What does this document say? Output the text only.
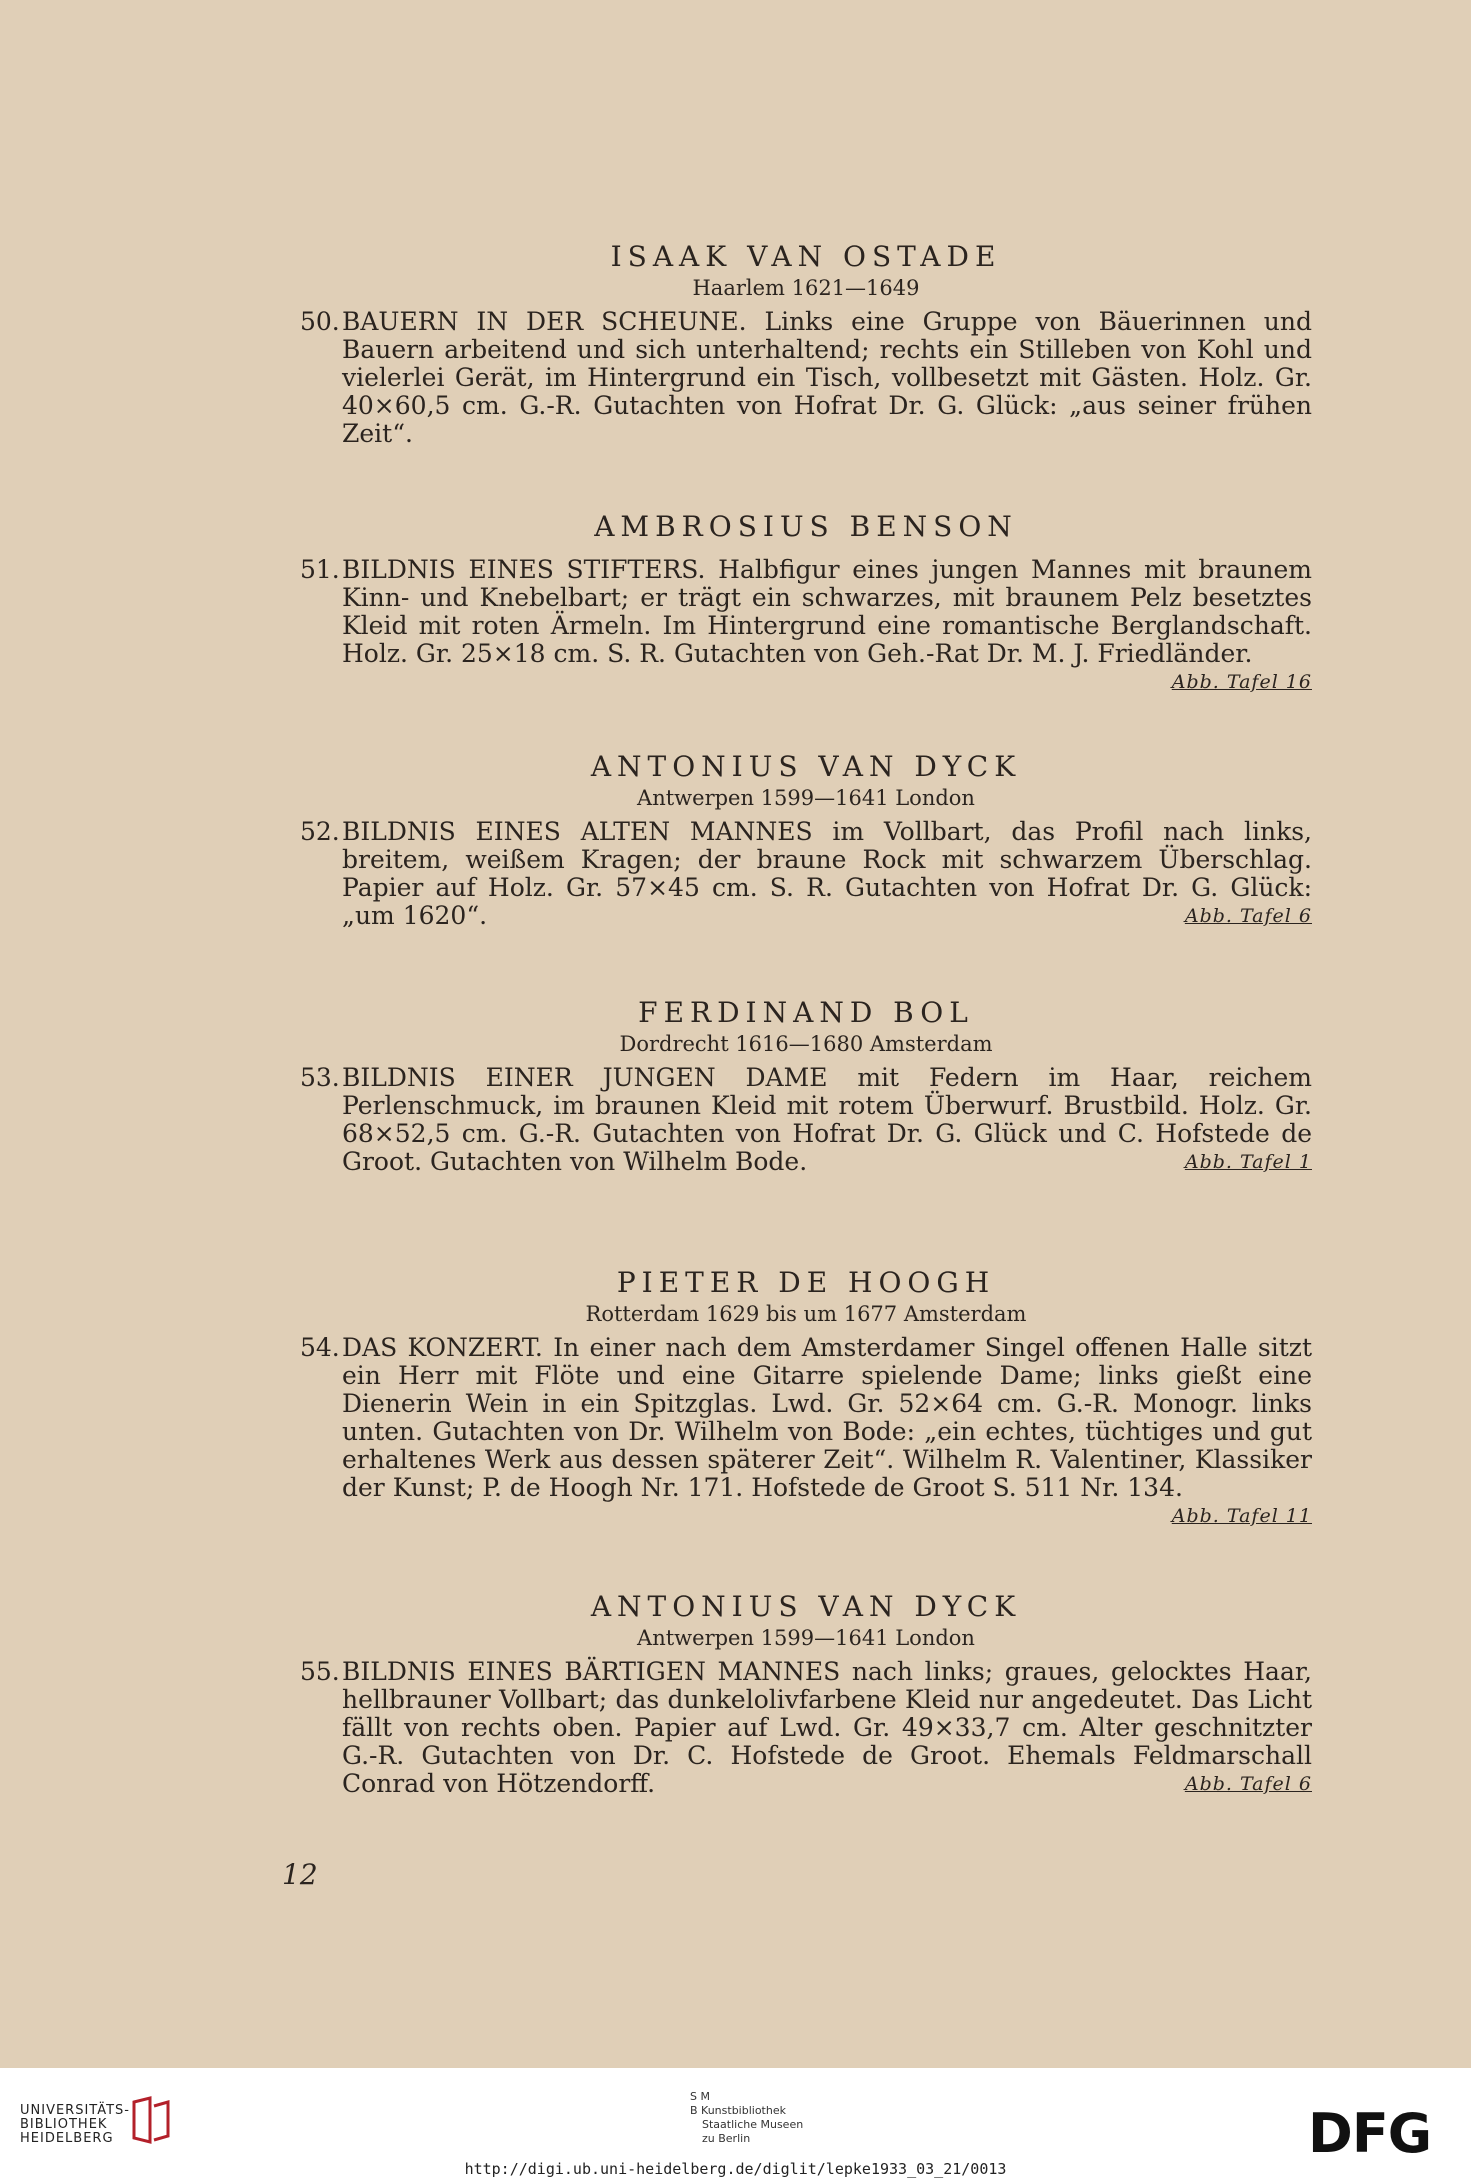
ISAAK VAN OSTADE

Haarlem 1621—1649

50. BAUERN IN DER SCHEUNE. Links eine Gruppe von Bäuerinnen und Bauern arbeitend und sich unterhaltend; rechts ein Stilleben von Kohl und vielerlei Gerät, im Hintergrund ein Tisch, vollbesetzt mit Gästen. Holz. Gr. 40×60,5 cm. G.-R. Gutachten von Hofrat Dr. G. Glück: „aus seiner frühen Zeit“.

AMBROSIUS BENSON

51. BILDNIS EINES STIFTERS. Halbfigur eines jungen Mannes mit braunem Kinn- und Knebelbart; er trägt ein schwarzes, mit braunem Pelz besetztes Kleid mit roten Ärmeln. Im Hintergrund eine romantische Berglandschaft. Holz. Gr. 25×18 cm. S. R. Gutachten von Geh.-Rat Dr. M. J. Friedländer.
Abb. Tafel 16

ANTONIUS VAN DYCK

Antwerpen 1599—1641 London

52. BILDNIS EINES ALTEN MANNES im Vollbart, das Profil nach links, breitem, weißem Kragen; der braune Rock mit schwarzem Überschlag. Papier auf Holz. Gr. 57×45 cm. S. R. Gutachten von Hofrat Dr. G. Glück: „um 1620“.	Abb. Tafel 6

FERDINAND BOL

Dordrecht 1616—1680 Amsterdam

53. BILDNIS EINER JUNGEN DAME mit Federn im Haar, reichem Perlenschmuck, im braunen Kleid mit rotem Überwurf. Brustbild. Holz. Gr. 68×52,5 cm. G.-R. Gutachten von Hofrat Dr. G. Glück und C. Hofstede de Groot. Gutachten von Wilhelm Bode.	Abb. Tafel 1

PIETER DE HOOGH

Rotterdam 1629 bis um 1677 Amsterdam

54. DAS KONZERT. In einer nach dem Amsterdamer Singel offenen Halle sitzt ein Herr mit Flöte und eine Gitarre spielende Dame; links gießt eine Dienerin Wein in ein Spitzglas. Lwd. Gr. 52×64 cm. G.-R. Monogr. links unten. Gutachten von Dr. Wilhelm von Bode: „ein echtes, tüchtiges und gut erhaltenes Werk aus dessen späterer Zeit“. Wilhelm R. Valentiner, Klassiker der Kunst; P. de Hoogh Nr. 171. Hofstede de Groot S. 511 Nr. 134.
Abb. Tafel 11

ANTONIUS VAN DYCK

Antwerpen 1599—1641 London

55. BILDNIS EINES BÄRTIGEN MANNES nach links; graues, gelocktes Haar, hellbrauner Vollbart; das dunkelolivfarbene Kleid nur angedeutet. Das Licht fällt von rechts oben. Papier auf Lwd. Gr. 49×33,7 cm. Alter geschnitzter G.-R. Gutachten von Dr. C. Hofstede de Groot. Ehemals Feldmarschall Conrad von Hötzendorff.	Abb. Tafel 6

12
UNIVERSITÄTS-
BIBLIOTHEK
HEIDELBERG
S M
B Kunstbibliothek
Staatliche Museen
zu Berlin	DFG
http://digi.ub.uni-heidelberg.de/diglit/lepke1933_03_21/0013
